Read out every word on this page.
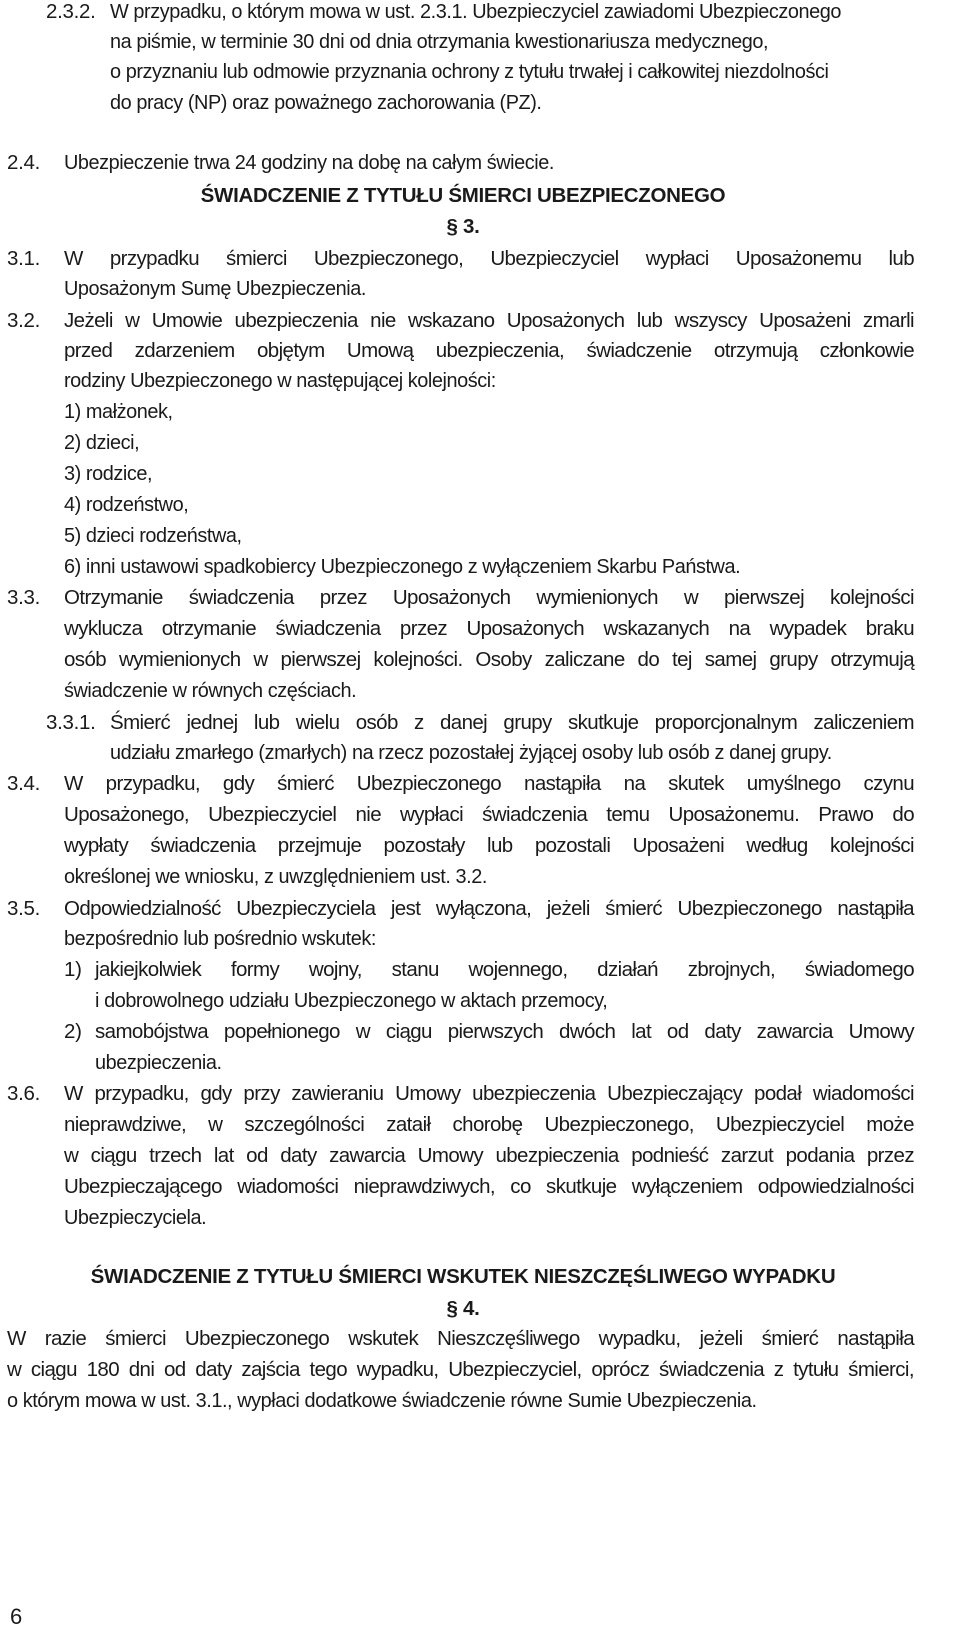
2.3.2. W przypadku, o którym mowa w ust. 2.3.1. Ubezpieczyciel zawiadomi Ubezpieczonego
na piśmie, w terminie 30 dni od dnia otrzymania kwestionariusza medycznego,
o przyznaniu lub odmowie przyznania ochrony z tytułu trwałej i całkowitej niezdolności
do pracy (NP) oraz poważnego zachorowania (PZ).
2.4. Ubezpieczenie trwa 24 godziny na dobę na całym świecie.
ŚWIADCZENIE Z TYTUŁU ŚMIERCI UBEZPIECZONEGO
§ 3.
3.1. W przypadku śmierci Ubezpieczonego, Ubezpieczyciel wypłaci Uposażonemu lub
Uposażonym Sumę Ubezpieczenia.
3.2. Jeżeli w Umowie ubezpieczenia nie wskazano Uposażonych lub wszyscy Uposażeni zmarli
przed zdarzeniem objętym Umową ubezpieczenia, świadczenie otrzymują członkowie
rodziny Ubezpieczonego w następującej kolejności:
1) małżonek,
2) dzieci,
3) rodzice,
4) rodzeństwo,
5) dzieci rodzeństwa,
6) inni ustawowi spadkobiercy Ubezpieczonego z wyłączeniem Skarbu Państwa.
3.3. Otrzymanie świadczenia przez Uposażonych wymienionych w pierwszej kolejności
wyklucza otrzymanie świadczenia przez Uposażonych wskazanych na wypadek braku
osób wymienionych w pierwszej kolejności. Osoby zaliczane do tej samej grupy otrzymują
świadczenie w równych częściach.
3.3.1. Śmierć jednej lub wielu osób z danej grupy skutkuje proporcjonalnym zaliczeniem
udziału zmarłego (zmarłych) na rzecz pozostałej żyjącej osoby lub osób z danej grupy.
3.4. W przypadku, gdy śmierć Ubezpieczonego nastąpiła na skutek umyślnego czynu
Uposażonego, Ubezpieczyciel nie wypłaci świadczenia temu Uposażonemu. Prawo do
wypłaty świadczenia przejmuje pozostały lub pozostali Uposażeni według kolejności
określonej we wniosku, z uwzględnieniem ust. 3.2.
3.5. Odpowiedzialność Ubezpieczyciela jest wyłączona, jeżeli śmierć Ubezpieczonego nastąpiła
bezpośrednio lub pośrednio wskutek:
1) jakiejkolwiek formy wojny, stanu wojennego, działań zbrojnych, świadomego
i dobrowolnego udziału Ubezpieczonego w aktach przemocy,
2) samobójstwa popełnionego w ciągu pierwszych dwóch lat od daty zawarcia Umowy
ubezpieczenia.
3.6. W przypadku, gdy przy zawieraniu Umowy ubezpieczenia Ubezpieczający podał wiadomości
nieprawdziwe, w szczególności zataił chorobę Ubezpieczonego, Ubezpieczyciel może
w ciągu trzech lat od daty zawarcia Umowy ubezpieczenia podnieść zarzut podania przez
Ubezpieczającego wiadomości nieprawdziwych, co skutkuje wyłączeniem odpowiedzialności
Ubezpieczyciela.
ŚWIADCZENIE Z TYTUŁU ŚMIERCI WSKUTEK NIESZCZĘŚLIWEGO WYPADKU
§ 4.
W razie śmierci Ubezpieczonego wskutek Nieszczęśliwego wypadku, jeżeli śmierć nastąpiła
w ciągu 180 dni od daty zajścia tego wypadku, Ubezpieczyciel, oprócz świadczenia z tytułu śmierci,
o którym mowa w ust. 3.1., wypłaci dodatkowe świadczenie równe Sumie Ubezpieczenia.
6
